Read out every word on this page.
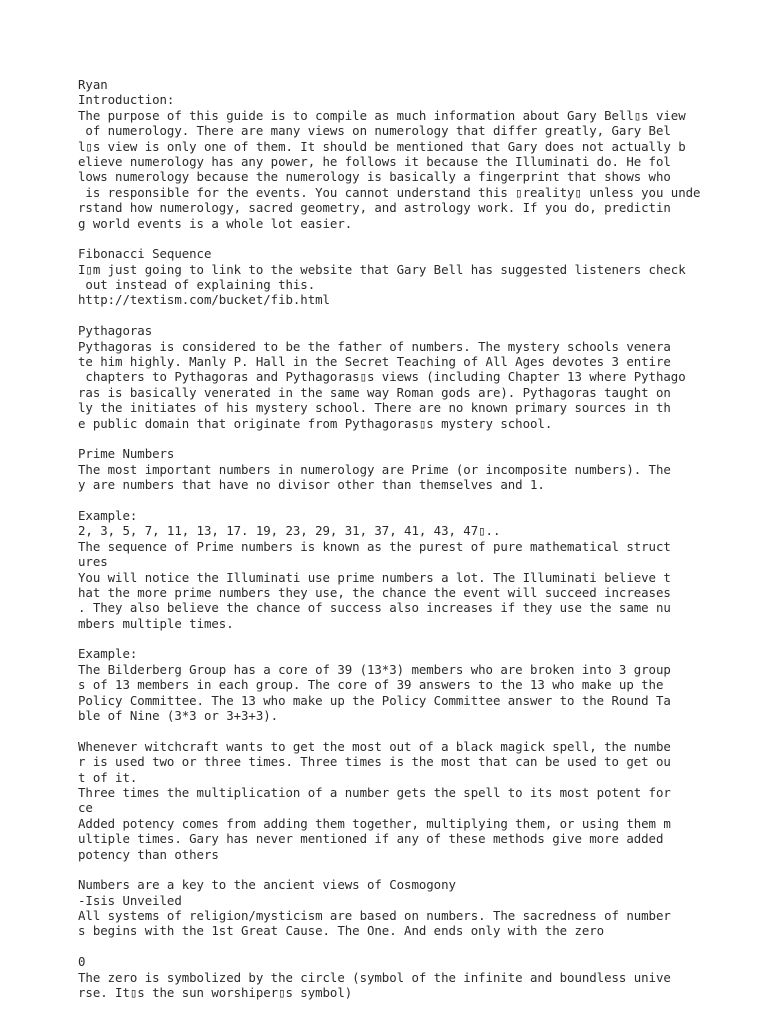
Ryan
Introduction:
The purpose of this guide is to compile as much information about Gary Bell▯s view
of numerology. There are many views on numerology that differ greatly, Gary Bel
l▯s view is only one of them. It should be mentioned that Gary does not actually b
elieve numerology has any power, he follows it because the Illuminati do. He fol
lows numerology because the numerology is basically a fingerprint that shows who
is responsible for the events. You cannot understand this ▯reality▯ unless you unde
rstand how numerology, sacred geometry, and astrology work. If you do, predictin
g world events is a whole lot easier.
Fibonacci Sequence
I▯m just going to link to the website that Gary Bell has suggested listeners check
out instead of explaining this.
http://textism.com/bucket/fib.html
Pythagoras
Pythagoras is considered to be the father of numbers. The mystery schools venera
te him highly. Manly P. Hall in the Secret Teaching of All Ages devotes 3 entire
chapters to Pythagoras and Pythagoras▯s views (including Chapter 13 where Pythago
ras is basically venerated in the same way Roman gods are). Pythagoras taught on
ly the initiates of his mystery school. There are no known primary sources in th
e public domain that originate from Pythagoras▯s mystery school.
Prime Numbers
The most important numbers in numerology are Prime (or incomposite numbers). The
y are numbers that have no divisor other than themselves and 1.
Example:
2, 3, 5, 7, 11, 13, 17. 19, 23, 29, 31, 37, 41, 43, 47▯..
The sequence of Prime numbers is known as the purest of pure mathematical struct
ures
You will notice the Illuminati use prime numbers a lot. The Illuminati believe t
hat the more prime numbers they use, the chance the event will succeed increases
. They also believe the chance of success also increases if they use the same nu
mbers multiple times.
Example:
The Bilderberg Group has a core of 39 (13*3) members who are broken into 3 group
s of 13 members in each group. The core of 39 answers to the 13 who make up the
Policy Committee. The 13 who make up the Policy Committee answer to the Round Ta
ble of Nine (3*3 or 3+3+3).
Whenever witchcraft wants to get the most out of a black magick spell, the numbe
r is used two or three times. Three times is the most that can be used to get ou
t of it.
Three times the multiplication of a number gets the spell to its most potent for
ce
Added potency comes from adding them together, multiplying them, or using them m
ultiple times. Gary has never mentioned if any of these methods give more added
potency than others
Numbers are a key to the ancient views of Cosmogony
-Isis Unveiled
All systems of religion/mysticism are based on numbers. The sacredness of number
s begins with the 1st Great Cause. The One. And ends only with the zero
0
The zero is symbolized by the circle (symbol of the infinite and boundless unive
rse. It▯s the sun worshiper▯s symbol)
